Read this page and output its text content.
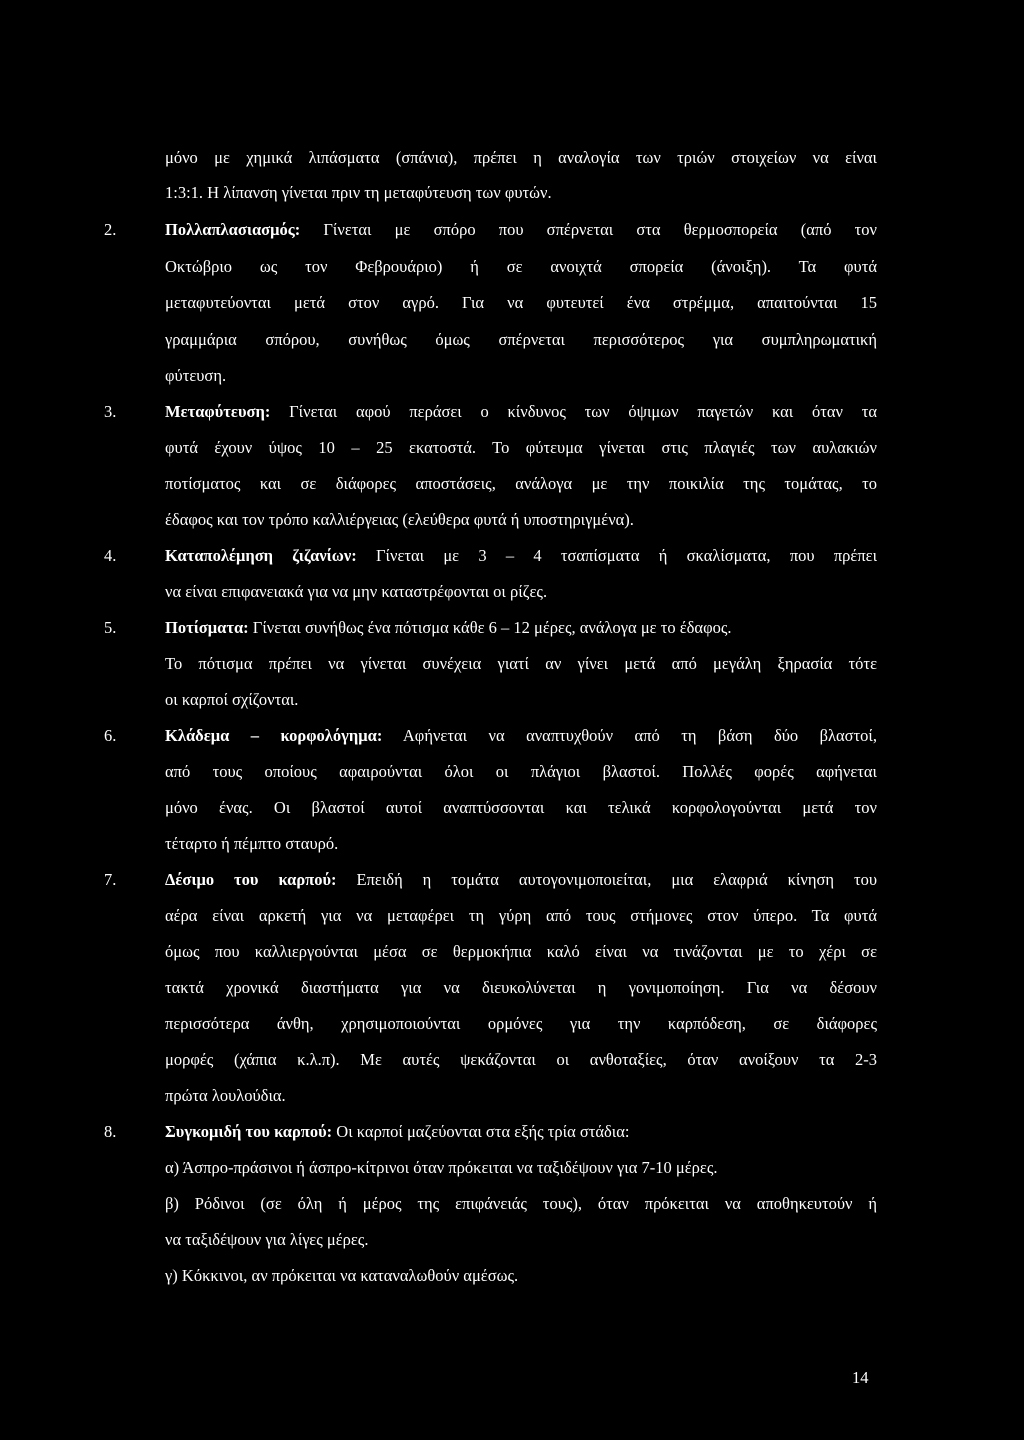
μόνο με χημικά λιπάσματα (σπάνια), πρέπει η αναλογία των τριών στοιχείων να είναι
1:3:1. Η λίπανση γίνεται πριν τη μεταφύτευση των φυτών.
2.	Πολλαπλασιασμός: Γίνεται με σπόρο που σπέρνεται στα θερμοσπορεία (από τον
Οκτώβριο ως τον Φεβρουάριο) ή σε ανοιχτά σπορεία (άνοιξη). Τα φυτά
μεταφυτεύονται μετά στον αγρό. Για να φυτευτεί ένα στρέμμα, απαιτούνται 15
γραμμάρια σπόρου, συνήθως όμως σπέρνεται περισσότερος για συμπληρωματική
φύτευση.
3.	Μεταφύτευση: Γίνεται αφού περάσει ο κίνδυνος των όψιμων παγετών και όταν τα
φυτά έχουν ύψος 10 – 25 εκατοστά. Το φύτευμα γίνεται στις πλαγιές των αυλακιών
ποτίσματος και σε διάφορες αποστάσεις, ανάλογα με την ποικιλία της τομάτας, το
έδαφος και τον τρόπο καλλιέργειας (ελεύθερα φυτά ή υποστηριγμένα).
4.	Καταπολέμηση ζιζανίων: Γίνεται με 3 – 4 τσαπίσματα ή σκαλίσματα, που πρέπει
να είναι επιφανειακά για να μην καταστρέφονται οι ρίζες.
5.	Ποτίσματα: Γίνεται συνήθως ένα πότισμα κάθε 6 – 12 μέρες, ανάλογα με το έδαφος.
Το πότισμα πρέπει να γίνεται συνέχεια γιατί αν γίνει μετά από μεγάλη ξηρασία τότε
οι καρποί σχίζονται.
6.	Κλάδεμα – κορφολόγημα: Αφήνεται να αναπτυχθούν από τη βάση δύο βλαστοί,
από τους οποίους αφαιρούνται όλοι οι πλάγιοι βλαστοί. Πολλές φορές αφήνεται
μόνο ένας. Οι βλαστοί αυτοί αναπτύσσονται και τελικά κορφολογούνται μετά τον
τέταρτο ή πέμπτο σταυρό.
7.	Δέσιμο του καρπού: Επειδή η τομάτα αυτογονιμοποιείται, μια ελαφριά κίνηση του
αέρα είναι αρκετή για να μεταφέρει τη γύρη από τους στήμονες στον ύπερο. Τα φυτά
όμως που καλλιεργούνται μέσα σε θερμοκήπια καλό είναι να τινάζονται με το χέρι σε
τακτά χρονικά διαστήματα για να διευκολύνεται η γονιμοποίηση. Για να δέσουν
περισσότερα άνθη, χρησιμοποιούνται ορμόνες για την καρπόδεση, σε διάφορες
μορφές (χάπια κ.λ.π). Με αυτές ψεκάζονται οι ανθοταξίες, όταν ανοίξουν τα 2-3
πρώτα λουλούδια.
8.	Συγκομιδή του καρπού: Οι καρποί μαζεύονται στα εξής τρία στάδια:
α) Άσπρο-πράσινοι ή άσπρο-κίτρινοι όταν πρόκειται να ταξιδέψουν για 7-10 μέρες.
β) Ρόδινοι (σε όλη ή μέρος της επιφάνειάς τους), όταν πρόκειται να αποθηκευτούν ή
να ταξιδέψουν για λίγες μέρες.
γ) Κόκκινοι, αν πρόκειται να καταναλωθούν αμέσως.
14
